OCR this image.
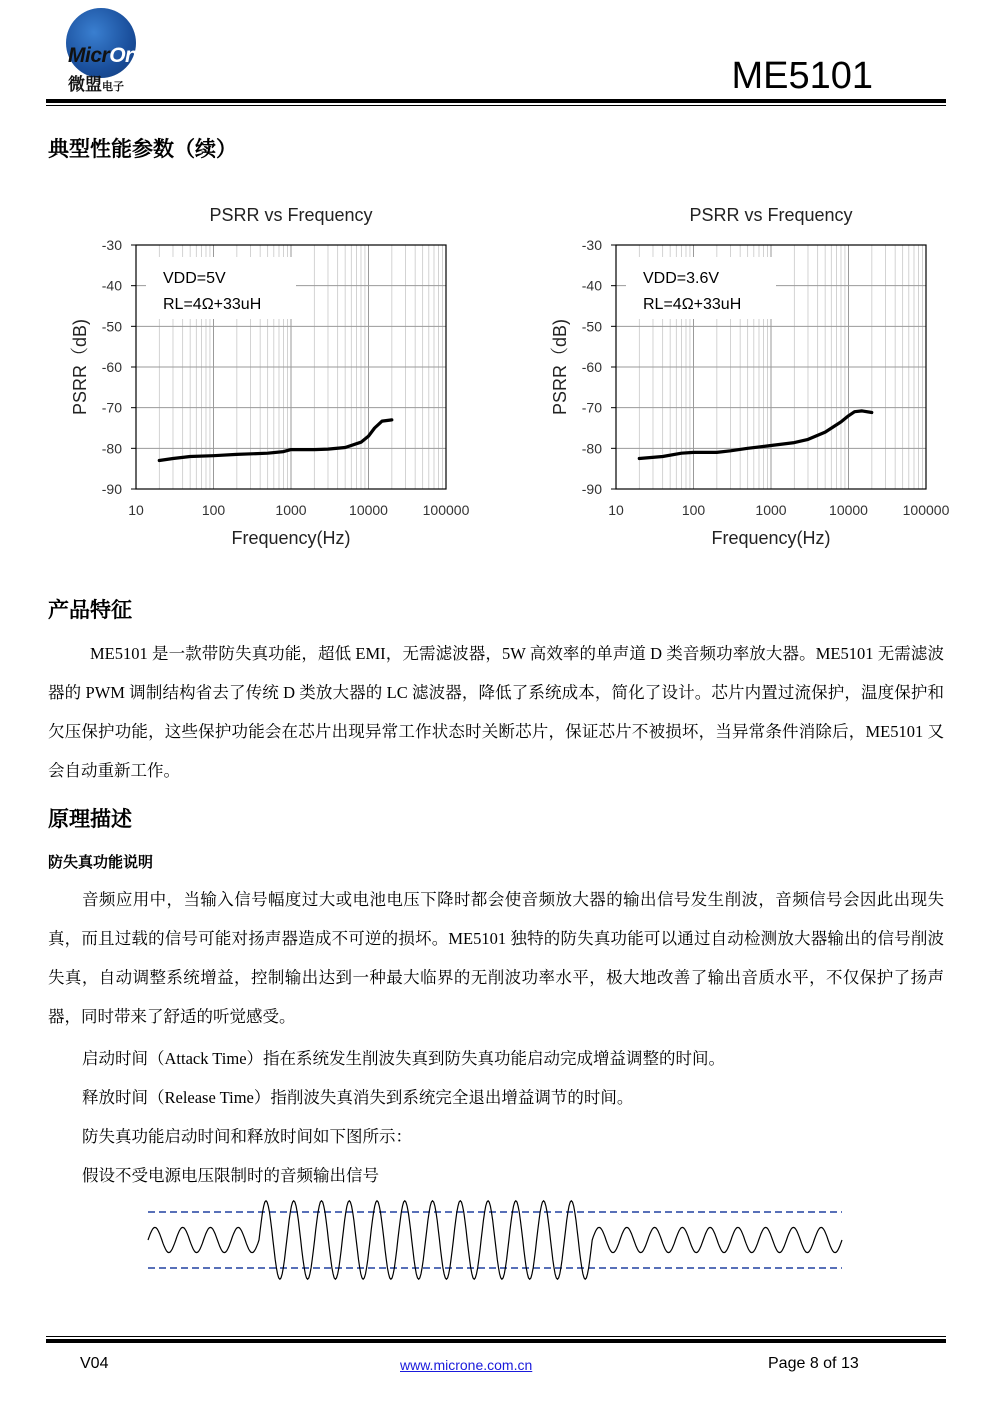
MicrOne
微盟电子	ME5101
典型性能参数（续）
VDD=5V
RL=4Ω+33uH
-30
-40
-50
-60
-70
-80
-90
10	100	1000	10000 100000
PSRR vs Frequency
Frequency(Hz)
PSRR（dB)
VDD=3.6V
RL=4Ω+33uH
-30
-40
-50
-60
-70
-80
-90
10	100	1000	10000 100000
PSRR vs Frequency
Frequency(Hz)
PSRR（dB)
产品特征

ME5101 是一款带防失真功能，超低 EMI，无需滤波器，5W 高效率的单声道 D 类音频功率放大器。ME5101 无需滤波器的 PWM 调制结构省去了传统 D 类放大器的 LC 滤波器，降低了系统成本，简化了设计。芯片内置过流保护，温度保护和欠压保护功能，这些保护功能会在芯片出现异常工作状态时关断芯片，保证芯片不被损坏，当异常条件消除后，ME5101 又会自动重新工作。

原理描述
防失真功能说明

音频应用中，当输入信号幅度过大或电池电压下降时都会使音频放大器的输出信号发生削波，音频信号会因此出现失真，而且过载的信号可能对扬声器造成不可逆的损坏。ME5101 独特的防失真功能可以通过自动检测放大器输出的信号削波失真，自动调整系统增益，控制输出达到一种最大临界的无削波功率水平，极大地改善了输出音质水平，不仅保护了扬声器，同时带来了舒适的听觉感受。

启动时间（Attack Time）指在系统发生削波失真到防失真功能启动完成增益调整的时间。
释放时间（Release Time）指削波失真消失到系统完全退出增益调节的时间。
防失真功能启动时间和释放时间如下图所示：
假设不受电源电压限制时的音频输出信号
V04	www.microne.com.cn	Page 8 of 13
